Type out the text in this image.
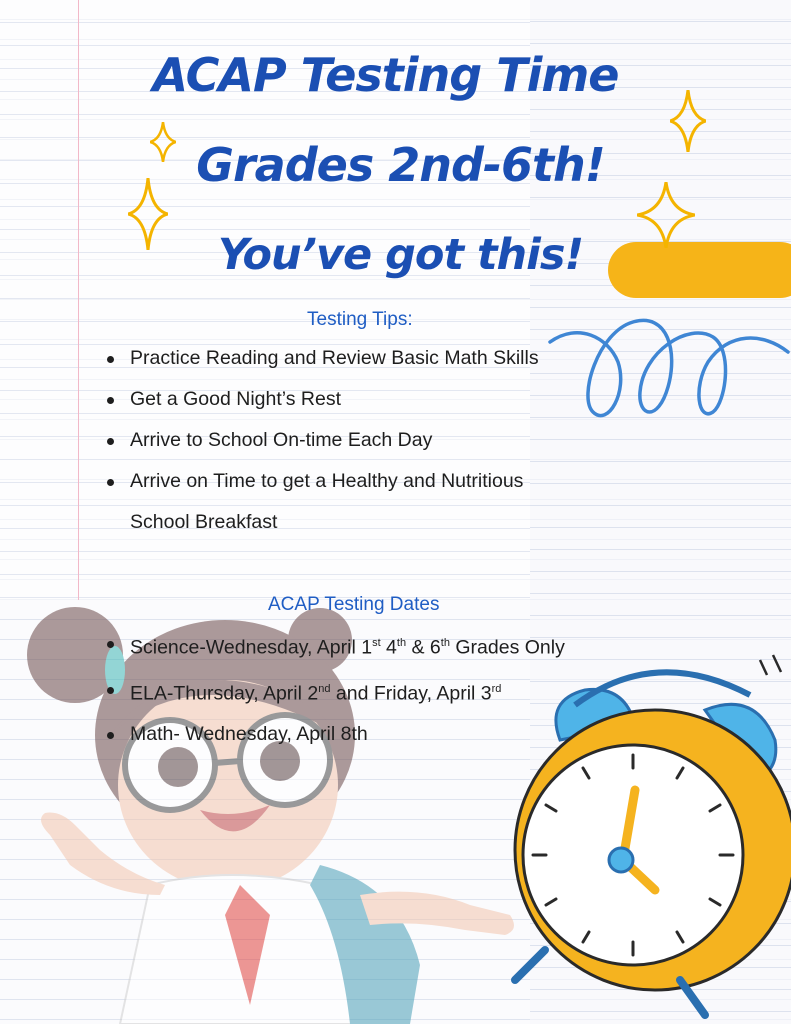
ACAP Testing Time
Grades 2nd-6th!
You’ve got this!

Testing Tips:

Practice Reading and Review Basic Math Skills
Get a Good Night’s Rest
Arrive to School On-time Each Day
Arrive on Time to get a Healthy and Nutritious
School Breakfast

ACAP Testing Dates

Science-Wednesday, April 1st 4th & 6th Grades Only
ELA-Thursday, April 2nd and Friday, April 3rd
Math- Wednesday, April 8th
